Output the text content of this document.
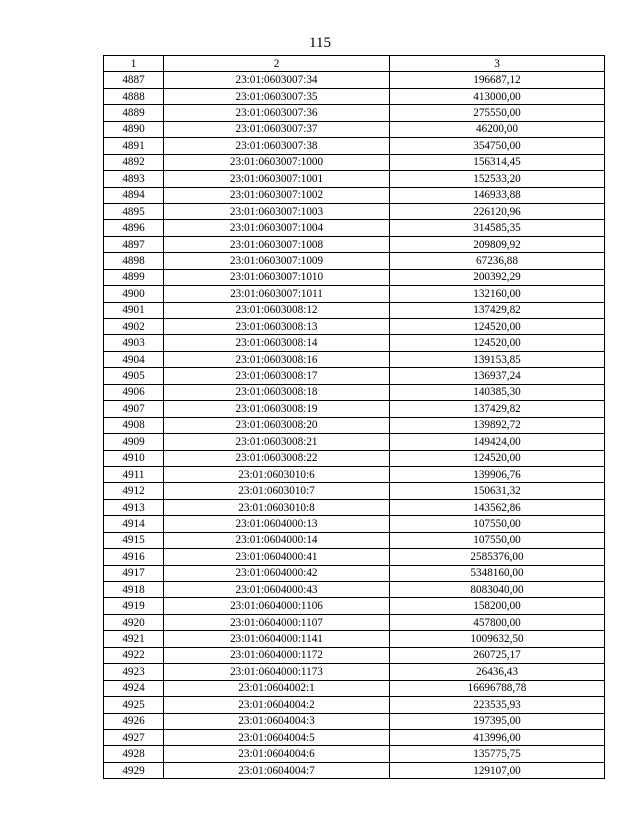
115
1	2	3
4887	23:01:0603007:34	196687,12
4888	23:01:0603007:35	413000,00
4889	23:01:0603007:36	275550,00
4890	23:01:0603007:37	46200,00
4891	23:01:0603007:38	354750,00
4892	23:01:0603007:1000	156314,45
4893	23:01:0603007:1001	152533,20
4894	23:01:0603007:1002	146933,88
4895	23:01:0603007:1003	226120,96
4896	23:01:0603007:1004	314585,35
4897	23:01:0603007:1008	209809,92
4898	23:01:0603007:1009	67236,88
4899	23:01:0603007:1010	200392,29
4900	23:01:0603007:1011	132160,00
4901	23:01:0603008:12	137429,82
4902	23:01:0603008:13	124520,00
4903	23:01:0603008:14	124520,00
4904	23:01:0603008:16	139153,85
4905	23:01:0603008:17	136937,24
4906	23:01:0603008:18	140385,30
4907	23:01:0603008:19	137429,82
4908	23:01:0603008:20	139892,72
4909	23:01:0603008:21	149424,00
4910	23:01:0603008:22	124520,00
4911	23:01:0603010:6	139906,76
4912	23:01:0603010:7	150631,32
4913	23:01:0603010:8	143562,86
4914	23:01:0604000:13	107550,00
4915	23:01:0604000:14	107550,00
4916	23:01:0604000:41	2585376,00
4917	23:01:0604000:42	5348160,00
4918	23:01:0604000:43	8083040,00
4919	23:01:0604000:1106	158200,00
4920	23:01:0604000:1107	457800,00
4921	23:01:0604000:1141	1009632,50
4922	23:01:0604000:1172	260725,17
4923	23:01:0604000:1173	26436,43
4924	23:01:0604002:1	16696788,78
4925	23:01:0604004:2	223535,93
4926	23:01:0604004:3	197395,00
4927	23:01:0604004:5	413996,00
4928	23:01:0604004:6	135775,75
4929	23:01:0604004:7	129107,00
